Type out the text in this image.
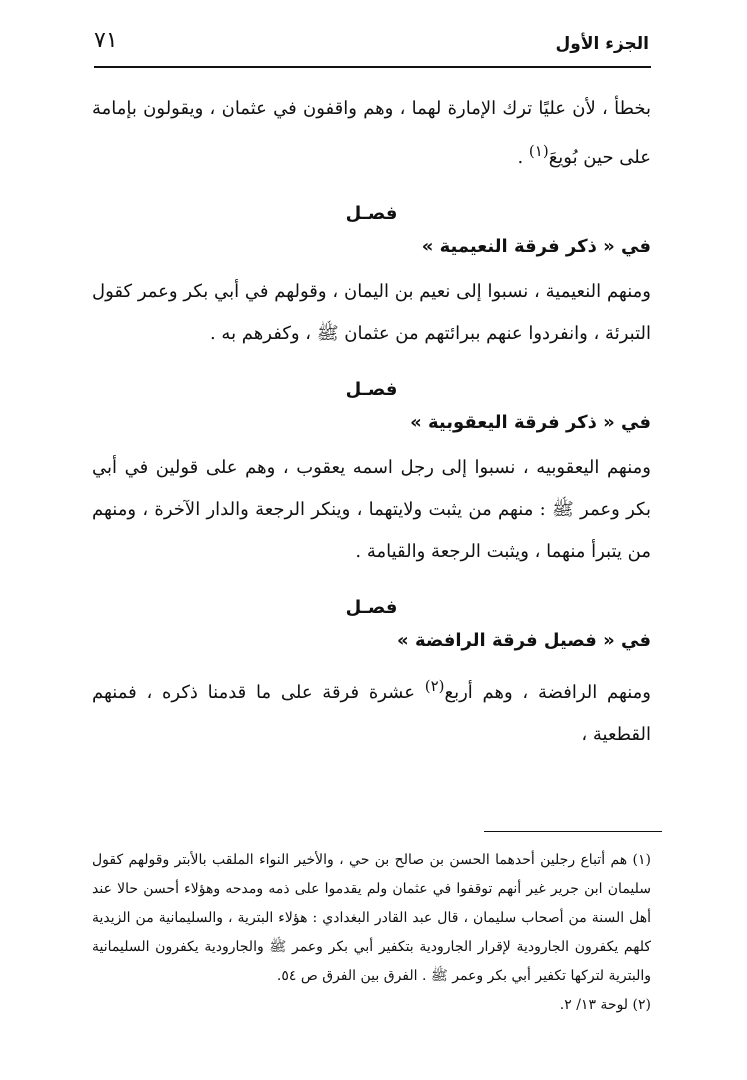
الجزء الأول
٧١

بخطأ ، لأن عليًا ترك الإمارة لهما ، وهم واقفون في عثمان ، ويقولون بإمامة على حين بُويعَ$^{(١)}$ .

فصـل
في « ذكر فرقة النعيمية »

ومنهم النعيمية ، نسبوا إلى نعيم بن اليمان ، وقولهم في أبي بكر وعمر كقول التبرئة ، وانفردوا عنهم ببرائتهم من عثمان ﷺ ، وكفرهم به .

فصـل
في « ذكر فرقة اليعقوبية »

ومنهم اليعقوبيه ، نسبوا إلى رجل اسمه يعقوب ، وهم على قولين في أبي بكر وعمر ﷺ : منهم من يثبت ولايتهما ، وينكر الرجعة والدار الآخرة ، ومنهم من يتبرأ منهما ، ويثبت الرجعة والقيامة .

فصـل
في « فصيل فرقة الرافضة »

ومنهم الرافضة ، وهم أربع$^{(٢)}$ عشرة فرقة على ما قدمنا ذكره ، فمنهم القطعية ،

(١) هم أتباع رجلين أحدهما الحسن بن صالح بن حي ، والأخير النواء الملقب بالأبتر وقولهم كقول سليمان ابن جرير غير أنهم توقفوا في عثمان ولم يقدموا على ذمه ومدحه وهؤلاء أحسن حالا عند أهل السنة من أصحاب سليمان ، قال عبد القادر البغدادي : هؤلاء البترية ، والسليمانية من الزيدية كلهم يكفرون الجارودية لإقرار الجارودية بتكفير أبي بكر وعمر ﷺ والجارودية يكفرون السليمانية والبترية لتركها تكفير أبي بكر وعمر ﷺ . الفرق بين الفرق ص ٥٤.

(٢) لوحة ١٣/ ٢.
